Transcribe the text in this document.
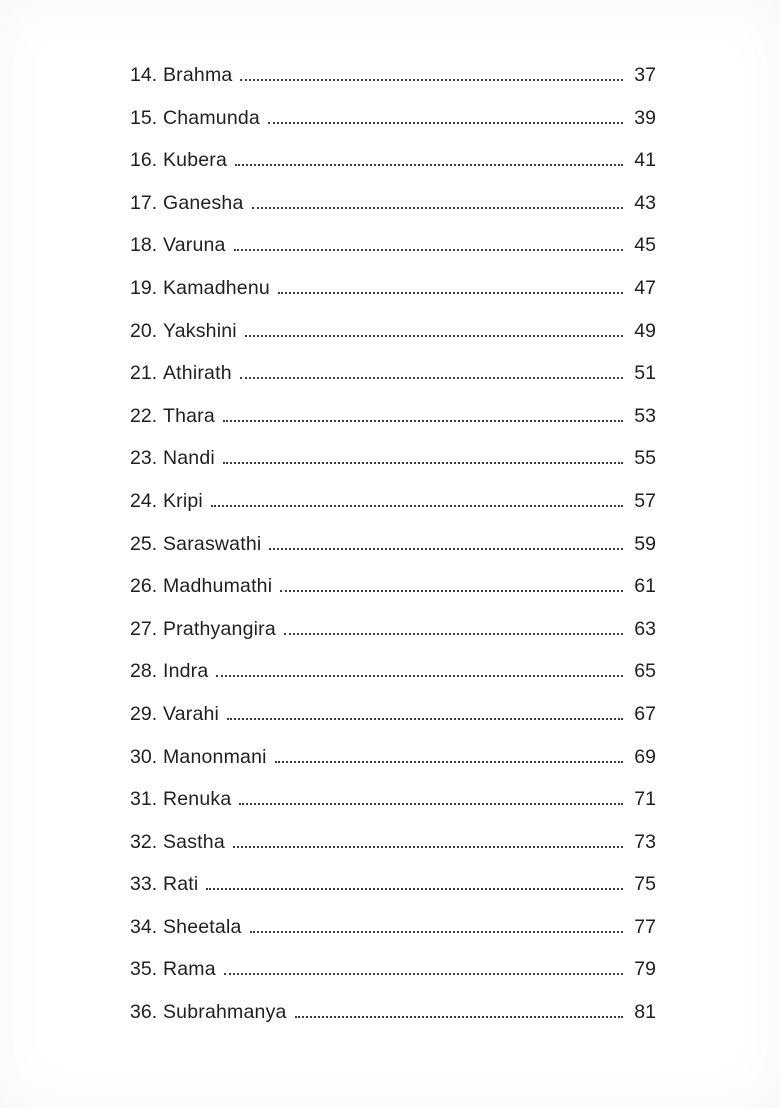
14. Brahma	37
15. Chamunda	39
16. Kubera	41
17. Ganesha	43
18. Varuna	45
19. Kamadhenu	47
20. Yakshini	49
21. Athirath	51
22. Thara	53
23. Nandi	55
24. Kripi	57
25. Saraswathi	59
26. Madhumathi	61
27. Prathyangira	63
28. Indra	65
29. Varahi	67
30. Manonmani	69
31. Renuka	71
32. Sastha	73
33. Rati	75
34. Sheetala	77
35. Rama	79
36. Subrahmanya	81
